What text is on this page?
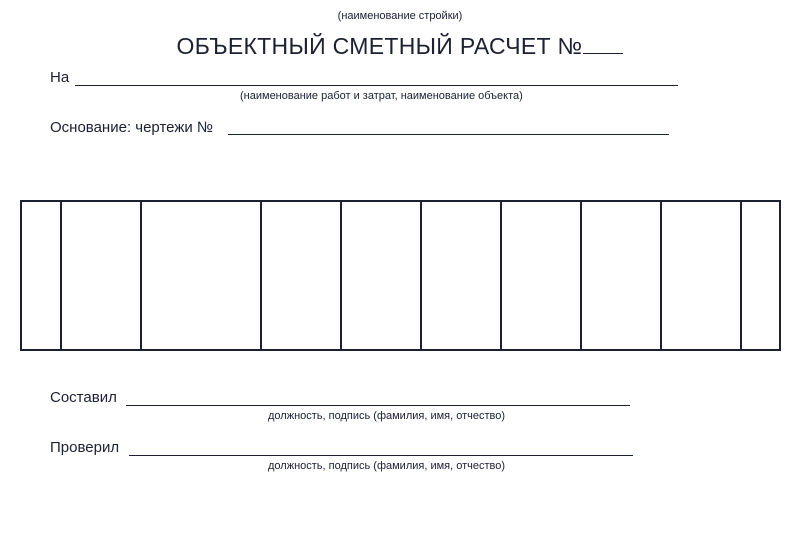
(наименование стройки)
ОБЪЕКТНЫЙ СМЕТНЫЙ РАСЧЕТ №
На
(наименование работ и затрат, наименование объекта)
Основание: чертежи №
Составил
должность, подпись (фамилия, имя, отчество)
Проверил
должность, подпись (фамилия, имя, отчество)
